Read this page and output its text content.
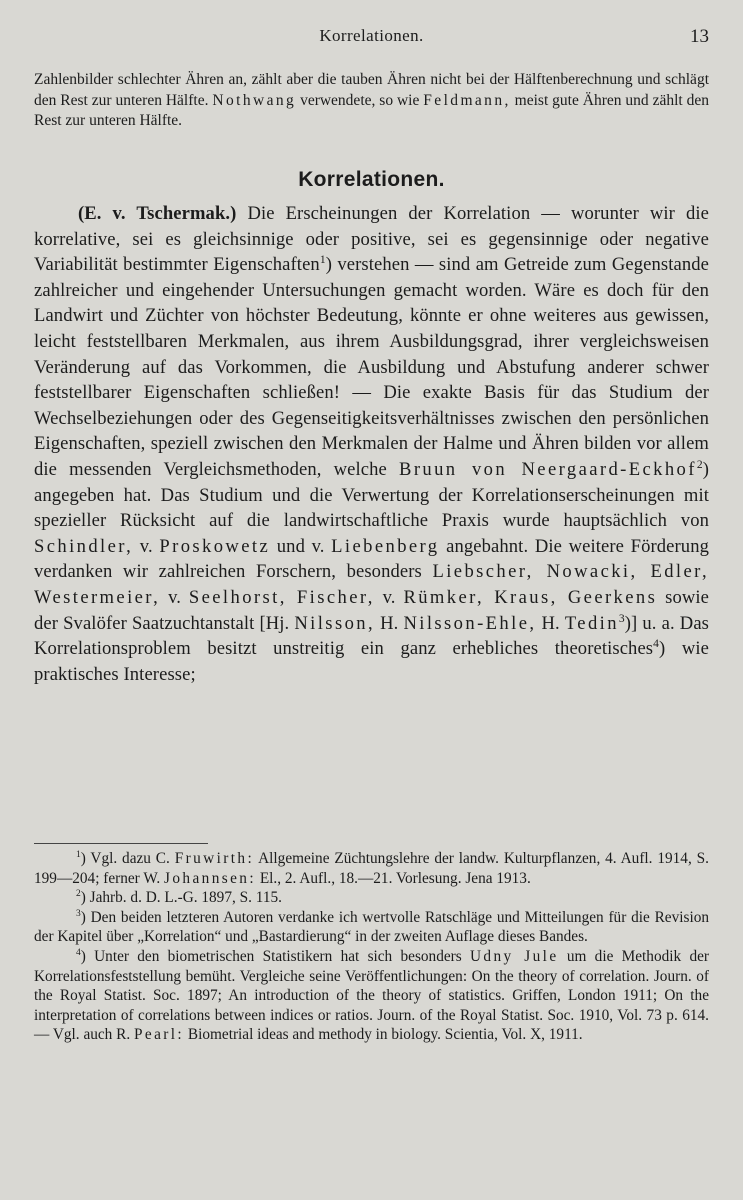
Korrelationen.	13
Zahlenbilder schlechter Ähren an, zählt aber die tauben Ähren nicht bei der Hälftenberechnung und schlägt den Rest zur unteren Hälfte. Nothwang verwendete, so wie Feldmann, meist gute Ähren und zählt den Rest zur unteren Hälfte.
Korrelationen.

(E. v. Tschermak.) Die Erscheinungen der Korrelation — worunter wir die korrelative, sei es gleichsinnige oder positive, sei es gegensinnige oder negative Variabilität bestimmter Eigenschaften$^1$) verstehen — sind am Getreide zum Gegenstande zahlreicher und eingehender Untersuchungen gemacht worden. Wäre es doch für den Landwirt und Züchter von höchster Bedeutung, könnte er ohne weiteres aus gewissen, leicht feststellbaren Merkmalen, aus ihrem Ausbildungsgrad, ihrer vergleichsweisen Veränderung auf das Vorkommen, die Ausbildung und Abstufung anderer schwer feststellbarer Eigenschaften schließen! — Die exakte Basis für das Studium der Wechselbeziehungen oder des Gegenseitigkeitsverhältnisses zwischen den persönlichen Eigenschaften, speziell zwischen den Merkmalen der Halme und Ähren bilden vor allem die messenden Vergleichsmethoden, welche Bruun von Neergaard-Eckhof$^2$) angegeben hat. Das Studium und die Verwertung der Korrelationserscheinungen mit spezieller Rücksicht auf die landwirtschaftliche Praxis wurde hauptsächlich von Schindler, v. Proskowetz und v. Liebenberg angebahnt. Die weitere Förderung verdanken wir zahlreichen Forschern, besonders Liebscher, Nowacki, Edler, Westermeier, v. Seelhorst, Fischer, v. Rümker, Kraus, Geerkens sowie der Svalöfer Saatzuchtanstalt [Hj. Nilsson, H. Nilsson-Ehle, H. Tedin$^3$)] u. a. Das Korrelationsproblem besitzt unstreitig ein ganz erhebliches theoretisches$^4$) wie praktisches Interesse;

$^1$) Vgl. dazu C. Fruwirth: Allgemeine Züchtungslehre der landw. Kulturpflanzen, 4. Aufl. 1914, S. 199—204; ferner W. Johannsen: El., 2. Aufl., 18.—21. Vorlesung. Jena 1913.

$^2$) Jahrb. d. D. L.-G. 1897, S. 115.

$^3$) Den beiden letzteren Autoren verdanke ich wertvolle Ratschläge und Mitteilungen für die Revision der Kapitel über „Korrelation“ und „Bastardierung“ in der zweiten Auflage dieses Bandes.

$^4$) Unter den biometrischen Statistikern hat sich besonders Udny Jule um die Methodik der Korrelationsfeststellung bemüht. Vergleiche seine Veröffentlichungen: On the theory of correlation. Journ. of the Royal Statist. Soc. 1897; An introduction of the theory of statistics. Griffen, London 1911; On the interpretation of correlations between indices or ratios. Journ. of the Royal Statist. Soc. 1910, Vol. 73 p. 614. — Vgl. auch R. Pearl: Biometrial ideas and methody in biology. Scientia, Vol. X, 1911.
